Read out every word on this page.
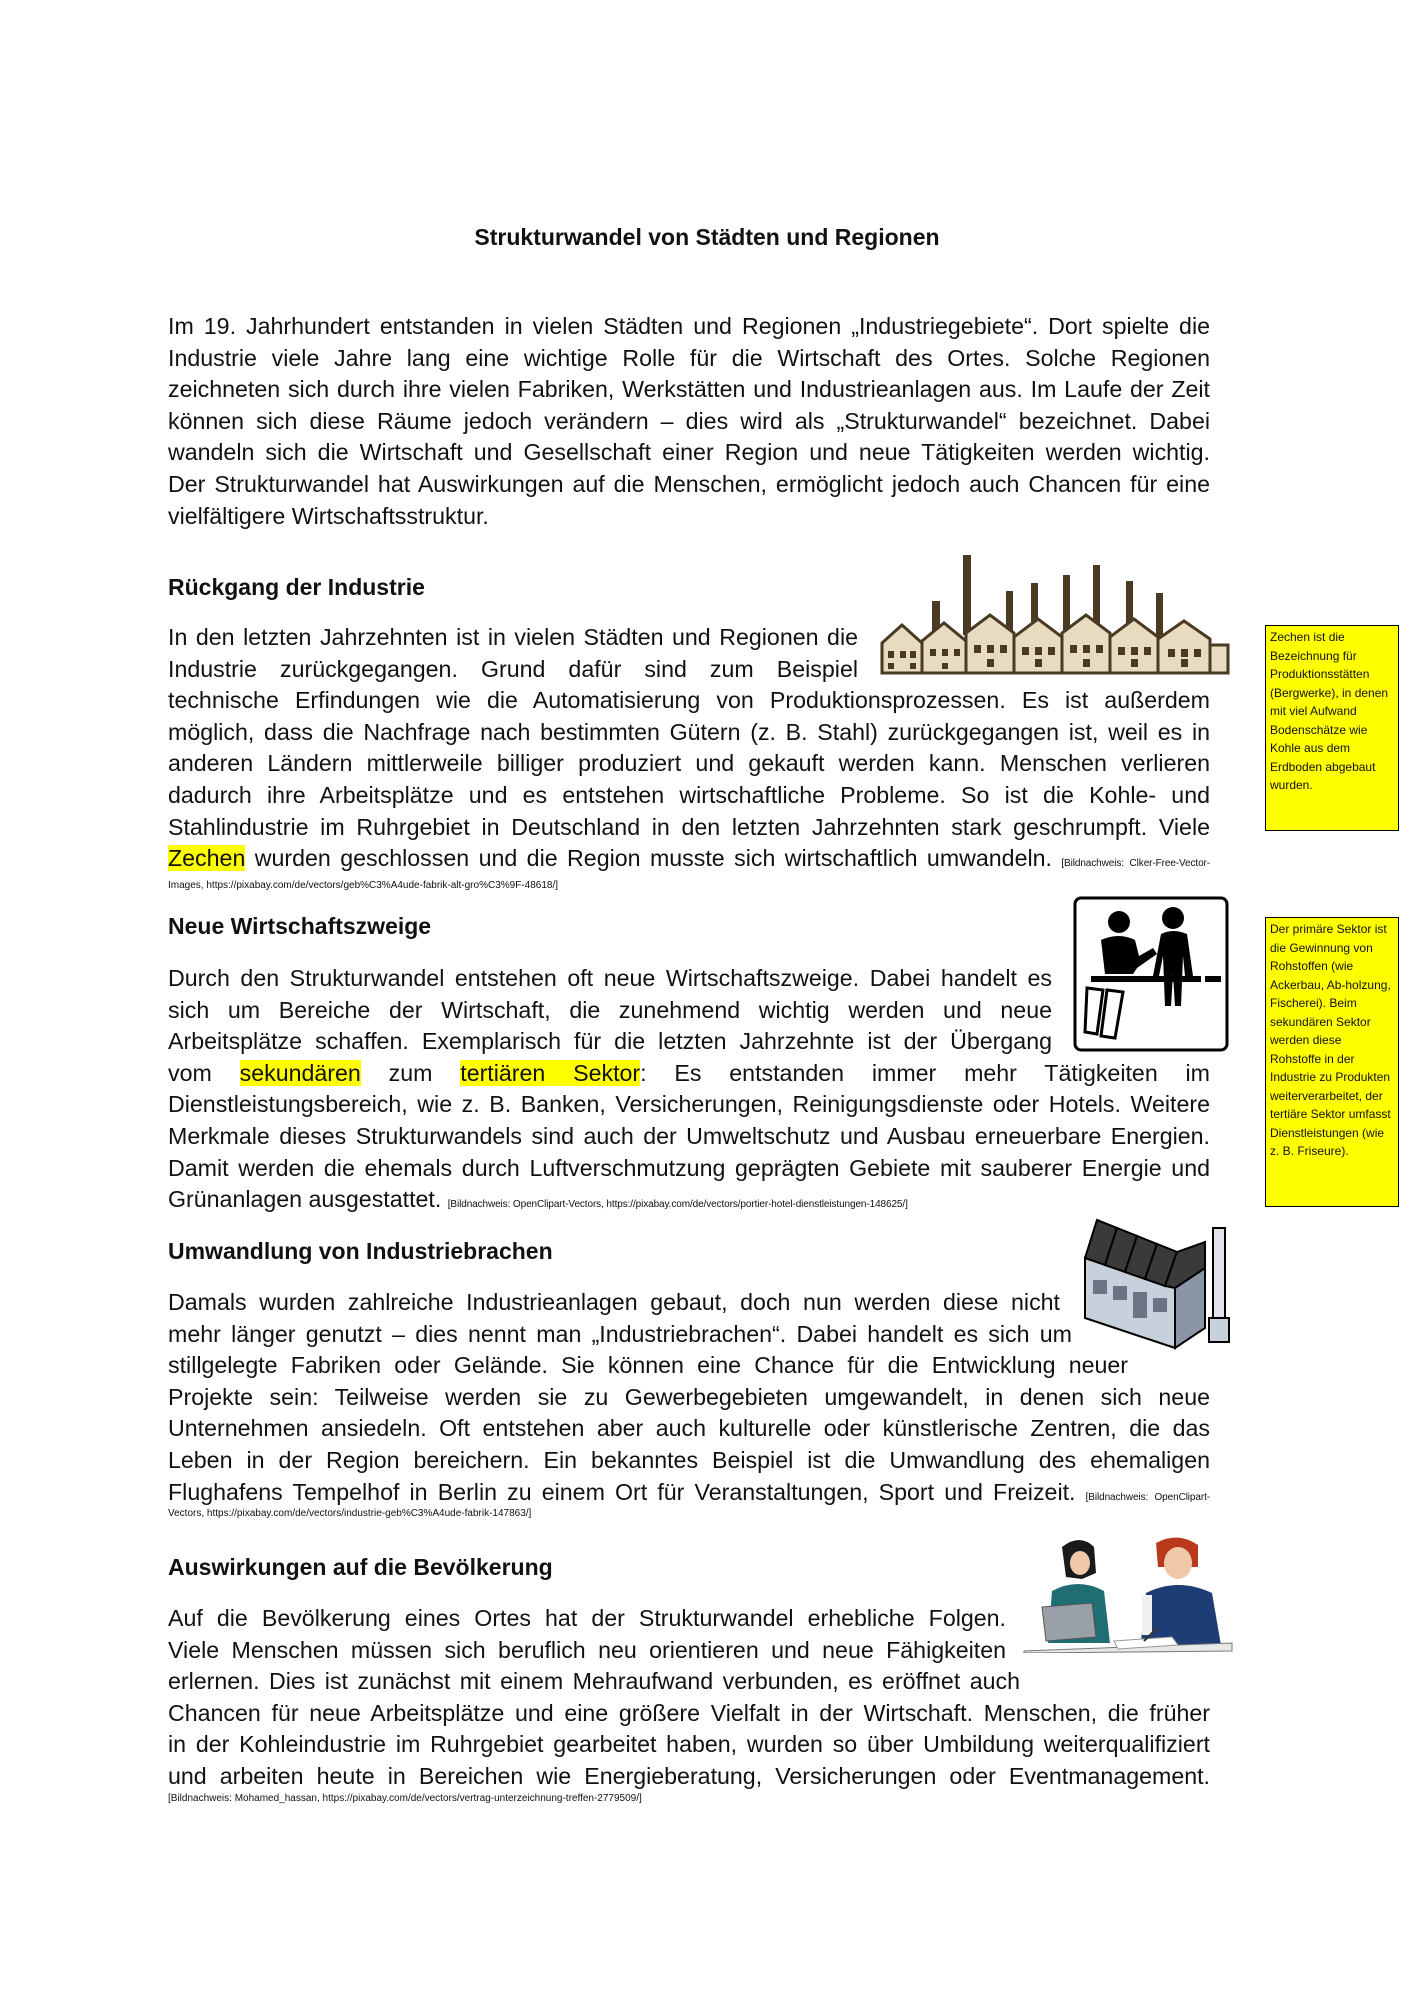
Strukturwandel von Städten und Regionen
Im 19. Jahrhundert entstanden in vielen Städten und Regionen „Industriegebiete“. Dort spielte die
Industrie viele Jahre lang eine wichtige Rolle für die Wirtschaft des Ortes. Solche Regionen
zeichneten sich durch ihre vielen Fabriken, Werkstätten und Industrieanlagen aus. Im Laufe der Zeit
können sich diese Räume jedoch verändern – dies wird als „Strukturwandel“ bezeichnet. Dabei
wandeln sich die Wirtschaft und Gesellschaft einer Region und neue Tätigkeiten werden wichtig.
Der Strukturwandel hat Auswirkungen auf die Menschen, ermöglicht jedoch auch Chancen für eine
vielfältigere Wirtschaftsstruktur.
Rückgang der Industrie
In den letzten Jahrzehnten ist in vielen Städten und Regionen die
Industrie zurückgegangen. Grund dafür sind zum Beispiel
technische Erfindungen wie die Automatisierung von Produktionsprozessen. Es ist außerdem
möglich, dass die Nachfrage nach bestimmten Gütern (z. B. Stahl) zurückgegangen ist, weil es in
anderen Ländern mittlerweile billiger produziert und gekauft werden kann. Menschen verlieren
dadurch ihre Arbeitsplätze und es entstehen wirtschaftliche Probleme. So ist die Kohle- und
Stahlindustrie im Ruhrgebiet in Deutschland in den letzten Jahrzehnten stark geschrumpft. Viele
Zechen wurden geschlossen und die Region musste sich wirtschaftlich umwandeln. [Bildnachweis: Clker-Free-Vector-
Images, https://pixabay.com/de/vectors/geb%C3%A4ude-fabrik-alt-gro%C3%9F-48618/]
Zechen ist die Bezeichnung für Produktionsstätten (Bergwerke), in denen mit viel Aufwand Bodenschätze wie Kohle aus dem Erdboden abgebaut wurden.
Neue Wirtschaftszweige
Durch den Strukturwandel entstehen oft neue Wirtschaftszweige. Dabei handelt es
sich um Bereiche der Wirtschaft, die zunehmend wichtig werden und neue
Arbeitsplätze schaffen. Exemplarisch für die letzten Jahrzehnte ist der Übergang
vom sekundären zum tertiären Sektor: Es entstanden immer mehr Tätigkeiten im
Dienstleistungsbereich, wie z. B. Banken, Versicherungen, Reinigungsdienste oder Hotels. Weitere
Merkmale dieses Strukturwandels sind auch der Umweltschutz und Ausbau erneuerbare Energien.
Damit werden die ehemals durch Luftverschmutzung geprägten Gebiete mit sauberer Energie und
Grünanlagen ausgestattet. [Bildnachweis: OpenClipart-Vectors, https://pixabay.com/de/vectors/portier-hotel-dienstleistungen-148625/]
Der primäre Sektor ist die Gewinnung von Rohstoffen (wie Ackerbau, Ab-holzung, Fischerei). Beim sekundären Sektor werden diese Rohstoffe in der Industrie zu Produkten weiterverarbeitet, der tertiäre Sektor umfasst Dienstleistungen (wie z. B. Friseure).
Umwandlung von Industriebrachen
Damals wurden zahlreiche Industrieanlagen gebaut, doch nun werden diese nicht
mehr länger genutzt – dies nennt man „Industriebrachen“. Dabei handelt es sich um
stillgelegte Fabriken oder Gelände. Sie können eine Chance für die Entwicklung neuer
Projekte sein: Teilweise werden sie zu Gewerbegebieten umgewandelt, in denen sich neue
Unternehmen ansiedeln. Oft entstehen aber auch kulturelle oder künstlerische Zentren, die das
Leben in der Region bereichern. Ein bekanntes Beispiel ist die Umwandlung des ehemaligen
Flughafens Tempelhof in Berlin zu einem Ort für Veranstaltungen, Sport und Freizeit. [Bildnachweis: OpenClipart-
Vectors, https://pixabay.com/de/vectors/industrie-geb%C3%A4ude-fabrik-147863/]
Auswirkungen auf die Bevölkerung
Auf die Bevölkerung eines Ortes hat der Strukturwandel erhebliche Folgen.
Viele Menschen müssen sich beruflich neu orientieren und neue Fähigkeiten
erlernen. Dies ist zunächst mit einem Mehraufwand verbunden, es eröffnet auch
Chancen für neue Arbeitsplätze und eine größere Vielfalt in der Wirtschaft. Menschen, die früher
in der Kohleindustrie im Ruhrgebiet gearbeitet haben, wurden so über Umbildung weiterqualifiziert
und arbeiten heute in Bereichen wie Energieberatung, Versicherungen oder Eventmanagement.
[Bildnachweis: Mohamed_hassan, https://pixabay.com/de/vectors/vertrag-unterzeichnung-treffen-2779509/]
